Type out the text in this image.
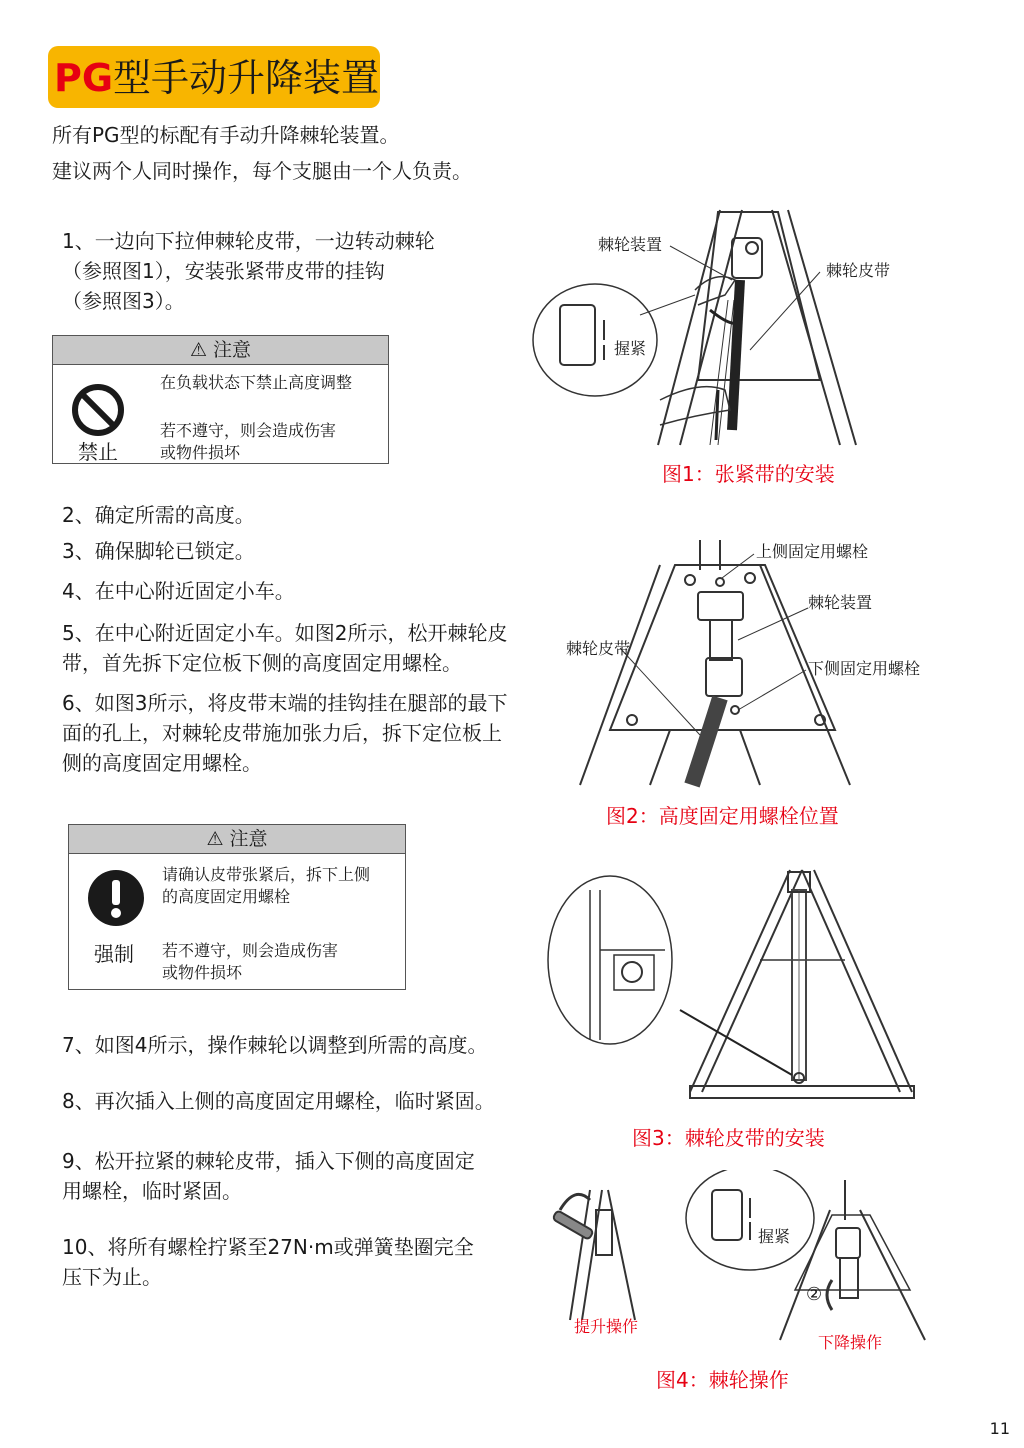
PG型手动升降装置
所有PG型的标配有手动升降棘轮装置。
建议两个人同时操作，每个支腿由一个人负责。
1、一边向下拉伸棘轮皮带，一边转动棘轮
（参照图1），安装张紧带皮带的挂钩
（参照图3）。
⚠ 注意
禁止
在负载状态下禁止高度调整
若不遵守，则会造成伤害
或物件损坏
2、确定所需的高度。
3、确保脚轮已锁定。
4、在中心附近固定小车。
5、在中心附近固定小车。如图2所示，松开棘轮皮
带，首先拆下定位板下侧的高度固定用螺栓。
6、如图3所示，将皮带末端的挂钩挂在腿部的最下
面的孔上，对棘轮皮带施加张力后，拆下定位板上
侧的高度固定用螺栓。
⚠ 注意
强制
请确认皮带张紧后，拆下上侧
的高度固定用螺栓
若不遵守，则会造成伤害
或物件损坏
7、如图4所示，操作棘轮以调整到所需的高度。
8、再次插入上侧的高度固定用螺栓，临时紧固。
9、松开拉紧的棘轮皮带，插入下侧的高度固定
用螺栓，临时紧固。
10、将所有螺栓拧紧至27N·m或弹簧垫圈完全
压下为止。
棘轮装置
棘轮皮带
握紧
图1：张紧带的安装
上侧固定用螺栓
棘轮装置
棘轮皮带
下侧固定用螺栓
图2：高度固定用螺栓位置
图3：棘轮皮带的安装
握紧
②
提升操作
下降操作
图4：棘轮操作
11
